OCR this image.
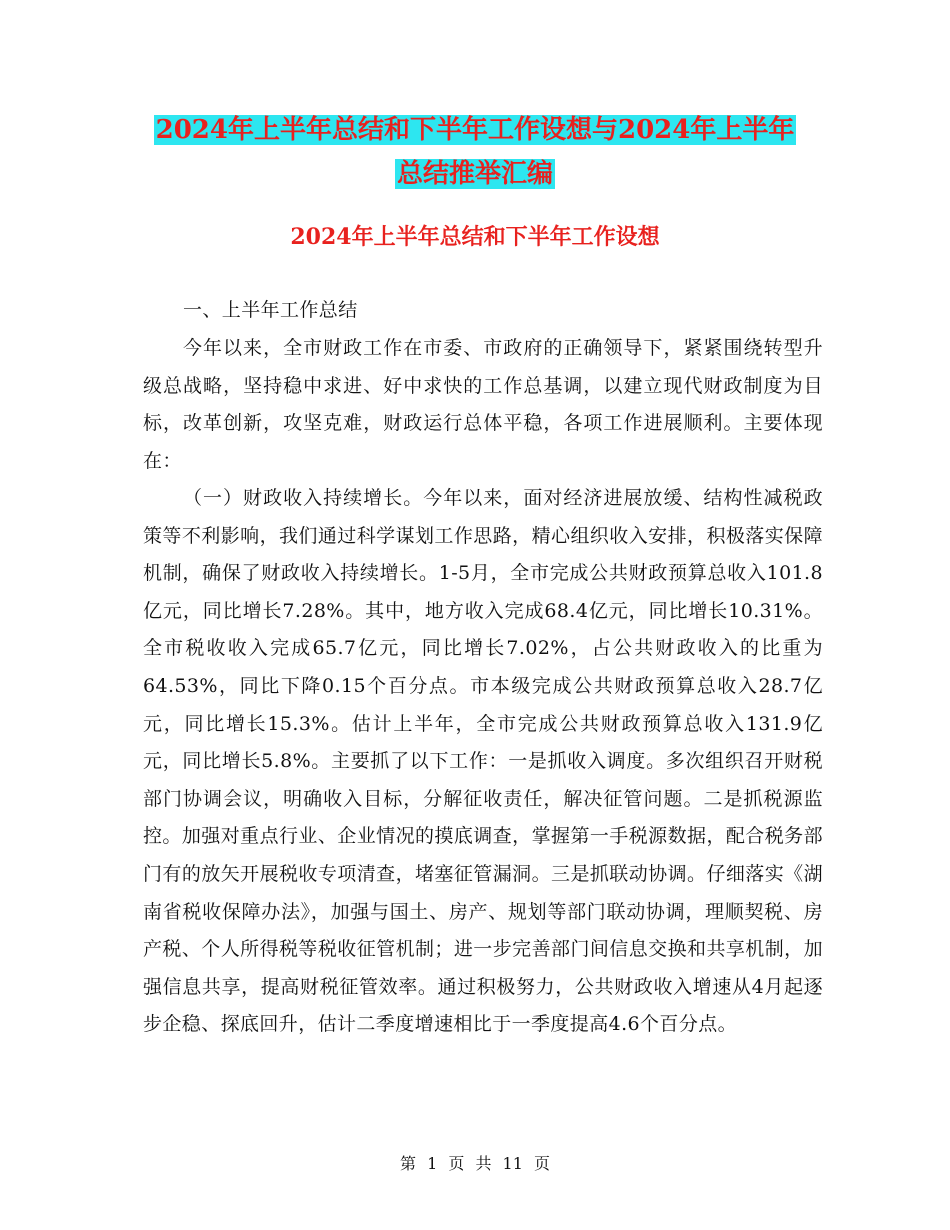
2024年上半年总结和下半年工作设想与2024年上半年
总结推举汇编
2024年上半年总结和下半年工作设想
一、上半年工作总结
今年以来，全市财政工作在市委、市政府的正确领导下，紧紧围绕转型升级总战略，坚持稳中求进、好中求快的工作总基调，以建立现代财政制度为目标，改革创新，攻坚克难，财政运行总体平稳，各项工作进展顺利。主要体现在：
（一）财政收入持续增长。今年以来，面对经济进展放缓、结构性减税政策等不利影响，我们通过科学谋划工作思路，精心组织收入安排，积极落实保障机制，确保了财政收入持续增长。1-5月，全市完成公共财政预算总收入101.8亿元，同比增长7.28%。其中，地方收入完成68.4亿元，同比增长10.31%。全市税收收入完成65.7亿元，同比增长7.02%，占公共财政收入的比重为64.53%，同比下降0.15个百分点。市本级完成公共财政预算总收入28.7亿元，同比增长15.3%。估计上半年，全市完成公共财政预算总收入131.9亿元，同比增长5.8%。主要抓了以下工作：一是抓收入调度。多次组织召开财税部门协调会议，明确收入目标，分解征收责任，解决征管问题。二是抓税源监控。加强对重点行业、企业情况的摸底调查，掌握第一手税源数据，配合税务部门有的放矢开展税收专项清查，堵塞征管漏洞。三是抓联动协调。仔细落实《湖南省税收保障办法》，加强与国土、房产、规划等部门联动协调，理顺契税、房产税、个人所得税等税收征管机制；进一步完善部门间信息交换和共享机制，加强信息共享，提高财税征管效率。通过积极努力，公共财政收入增速从4月起逐步企稳、探底回升，估计二季度增速相比于一季度提高4.6个百分点。
第 1 页 共 11 页
